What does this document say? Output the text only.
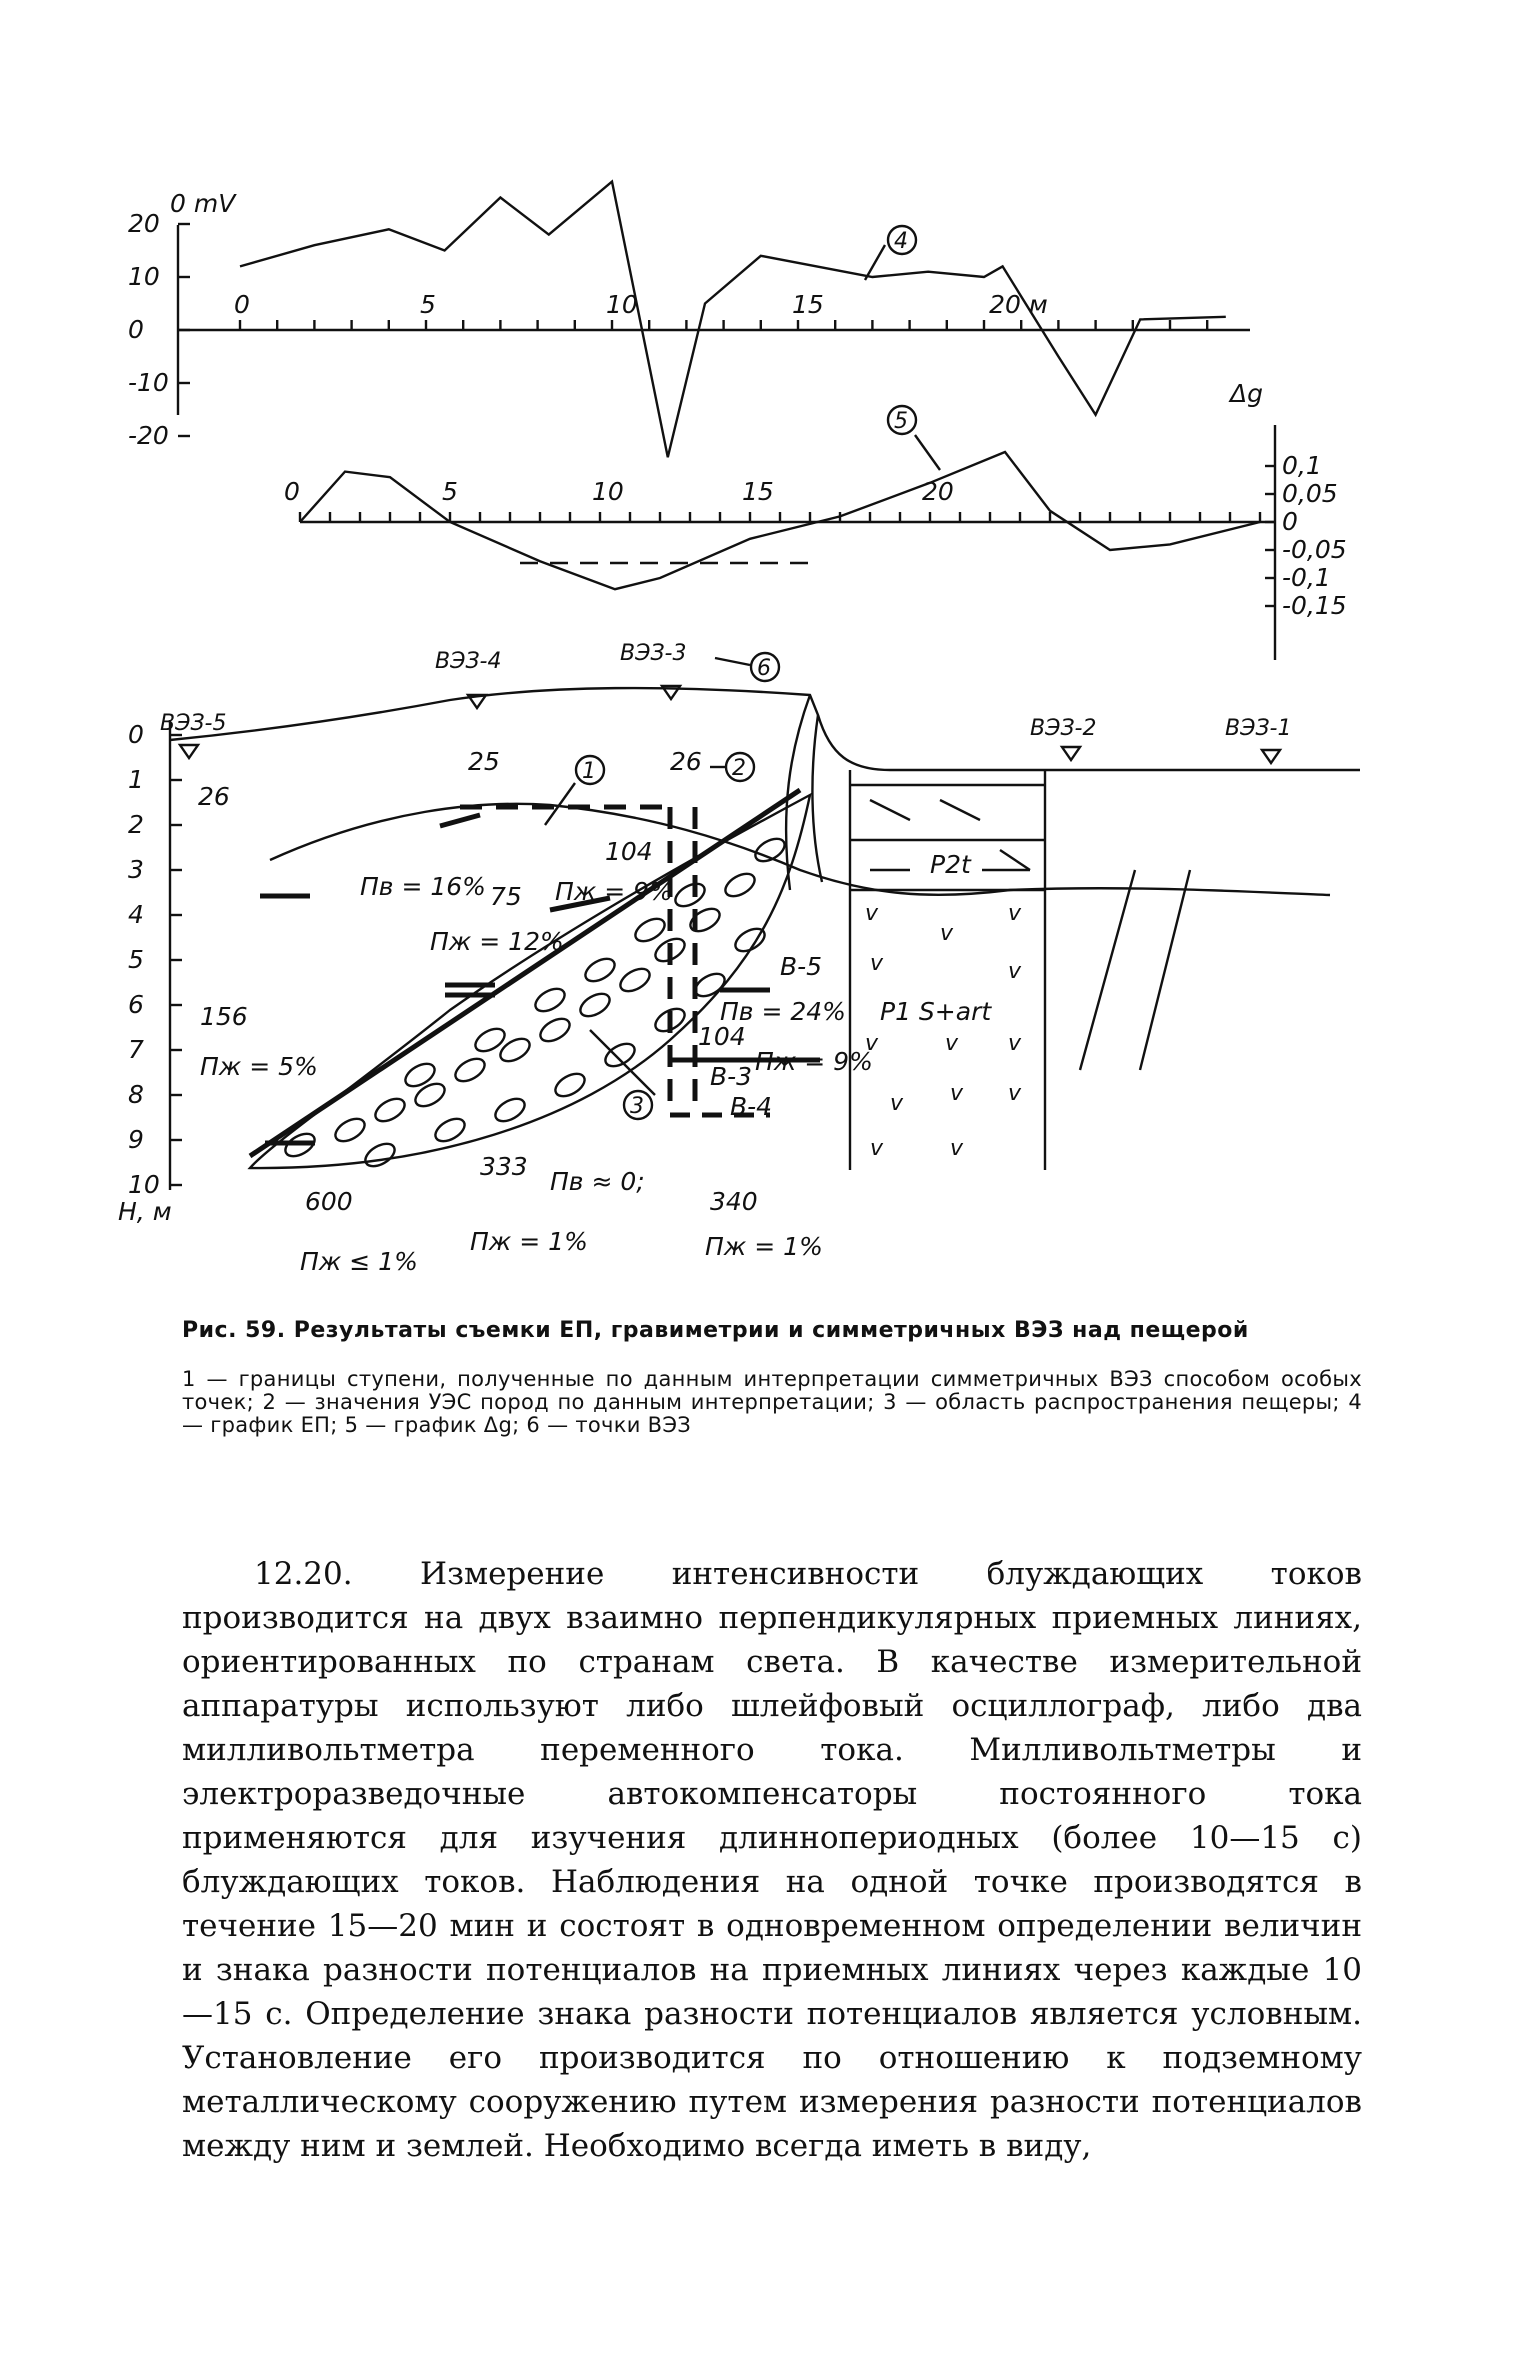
0 mV
20
10
0
-10
-20
0	5	10	15	20 м
4
Δg
0,1
0,05
0
-0,05
-0,1
-0,15
0	5	10	15	20
5
0
1
2
3
4
5
6
7
8
9
10
H, м
ВЭЗ-5
ВЭЗ-4	ВЭЗ-3
ВЭЗ-2	ВЭЗ-1
6
v
v
v
v	v
v	v v
v v v
v	v
25
26
26
104
75
156
104
333
600	340
Пв = 16%	Пж = 9%
Пж = 12%
Пж = 5%
Пв = 24%
Пж = 9%
Пв ≈ 0;
Пж = 1%
Пж ≤ 1%
Пж = 1%
В-5
В-3
В-4
P2t
P1 S+art
1	2
3
Рис. 59. Результаты съемки ЕП, гравиметрии и симметричных ВЭЗ над пещерой
1 — границы ступени, полученные по данным интерпретации симметричных ВЭЗ способом особых точек; 2 — значения УЭС пород по данным интерпретации; 3 — область распространения пещеры; 4 — график ЕП; 5 — график Δg; 6 — точки ВЭЗ

12.20. Измерение интенсивности блуждающих токов производится на двух взаимно перпендикулярных приемных линиях, ориентированных по странам света. В качестве измерительной аппаратуры используют либо шлейфовый осциллограф, либо два милливольтметра переменного тока. Милливольтметры и электроразведочные автокомпенсаторы постоянного тока применяются для изучения длиннопериодных (более 10—15 с) блуждающих токов. Наблюдения на одной точке производятся в течение 15—20 мин и состоят в одновременном определении величин и знака разности потенциалов на приемных линиях через каждые 10—15 с. Определение знака разности потенциалов является условным. Установление его производится по отношению к подземному металлическому сооружению путем измерения разности потенциалов между ним и землей. Необходимо всегда иметь в виду,
